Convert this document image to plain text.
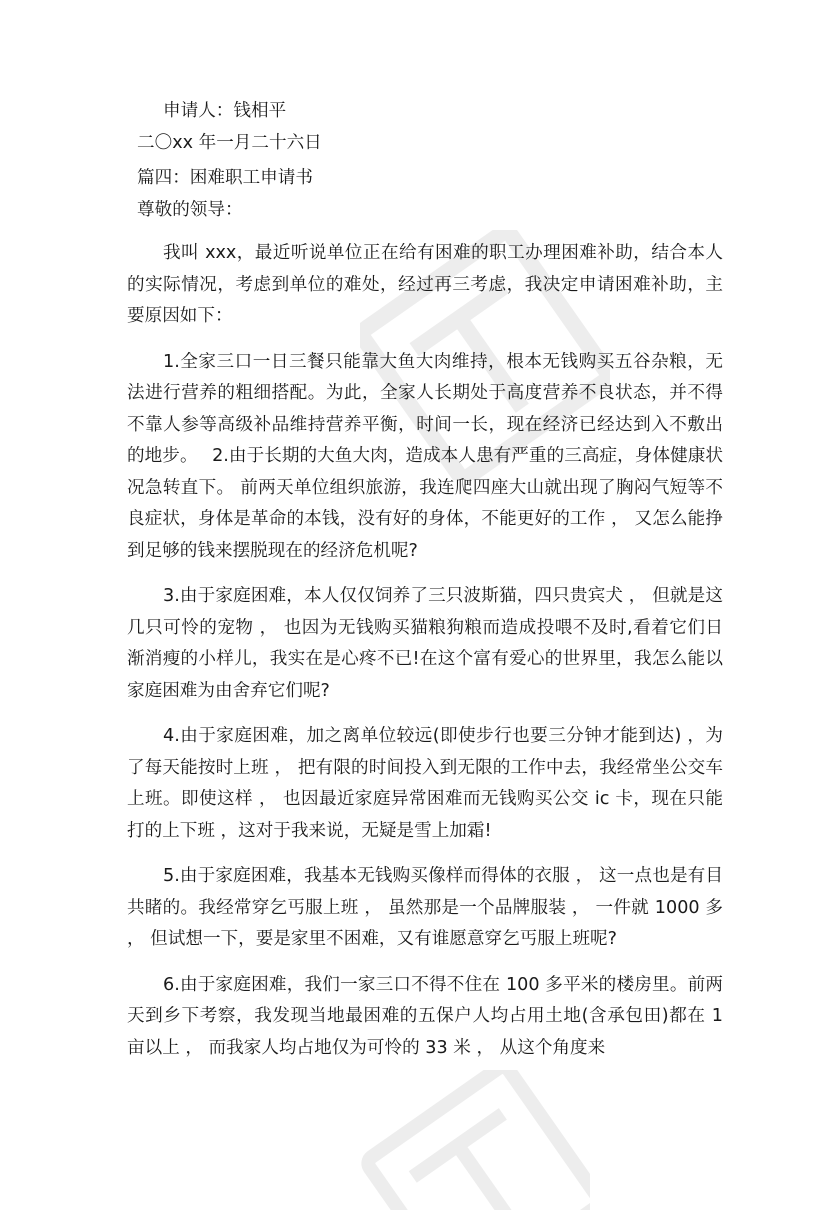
申请人：钱相平

二〇xx 年一月二十六日

篇四：困难职工申请书

尊敬的领导：

我叫 xxx，最近听说单位正在给有困难的职工办理困难补助，结合本人的实际情况，考虑到单位的难处，经过再三考虑，我决定申请困难补助，主要原因如下：

1.全家三口一日三餐只能靠大鱼大肉维持，根本无钱购买五谷杂粮，无法进行营养的粗细搭配。为此，全家人长期处于高度营养不良状态，并不得不靠人参等高级补品维持营养平衡，时间一长，现在经济已经达到入不敷出的地步。　 2.由于长期的大鱼大肉，造成本人患有严重的三高症，身体健康状况急转直下。 前两天单位组织旅游，我连爬四座大山就出现了胸闷气短等不良症状，身体是革命的本钱，没有好的身体，不能更好的工作 ， 又怎么能挣到足够的钱来摆脱现在的经济危机呢?

3.由于家庭困难，本人仅仅饲养了三只波斯猫，四只贵宾犬 ， 但就是这几只可怜的宠物 ， 也因为无钱购买猫粮狗粮而造成投喂不及时,看着它们日渐消瘦的小样儿，我实在是心疼不已!在这个富有爱心的世界里，我怎么能以家庭困难为由舍弃它们呢?

4.由于家庭困难，加之离单位较远(即使步行也要三分钟才能到达) ，为了每天能按时上班 ， 把有限的时间投入到无限的工作中去，我经常坐公交车上班。即使这样 ， 也因最近家庭异常困难而无钱购买公交 ic 卡，现在只能打的上下班 ，这对于我来说，无疑是雪上加霜!

5.由于家庭困难，我基本无钱购买像样而得体的衣服 ， 这一点也是有目共睹的。我经常穿乞丐服上班 ， 虽然那是一个品牌服装 ， 一件就 1000 多 ， 但试想一下，要是家里不困难，又有谁愿意穿乞丐服上班呢?

6.由于家庭困难，我们一家三口不得不住在 100 多平米的楼房里。前两天到乡下考察，我发现当地最困难的五保户人均占用土地(含承包田)都在 1 亩以上 ， 而我家人均占地仅为可怜的 33 米 ， 从这个角度来
